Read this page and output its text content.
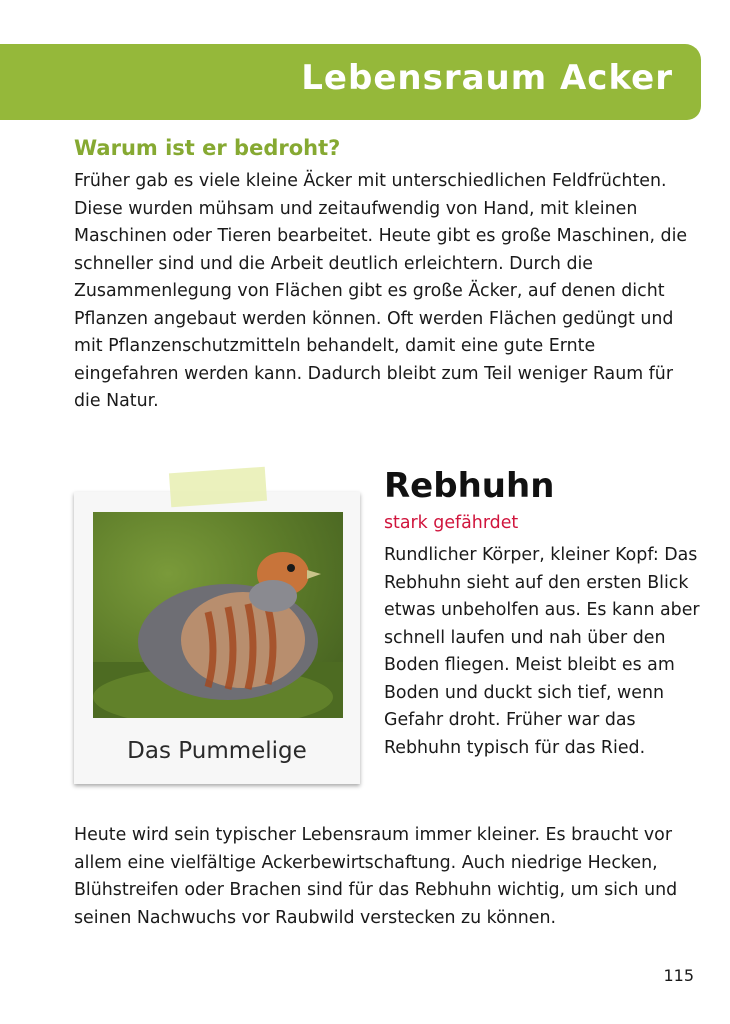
Lebensraum Acker
Warum ist er bedroht?

Früher gab es viele kleine Äcker mit unterschiedlichen Feldfrüchten. Diese wurden mühsam und zeitaufwendig von Hand, mit kleinen Maschinen oder Tieren bearbeitet. Heute gibt es große Maschinen, die schneller sind und die Arbeit deutlich erleichtern. Durch die Zusammenlegung von Flächen gibt es große Äcker, auf denen dicht Pflanzen angebaut werden können. Oft werden Flächen gedüngt und mit Pflanzenschutzmitteln behandelt, damit eine gute Ernte eingefahren werden kann. Dadurch bleibt zum Teil weniger Raum für die Natur.

Das Pummelige
Rebhuhn
stark gefährdet

Rundlicher Körper, kleiner Kopf: Das Rebhuhn sieht auf den ersten Blick etwas unbeholfen aus. Es kann aber schnell laufen und nah über den Boden fliegen. Meist bleibt es am Boden und duckt sich tief, wenn Gefahr droht. Früher war das Rebhuhn typisch für das Ried.

Heute wird sein typischer Lebensraum immer kleiner. Es braucht vor allem eine vielfältige Ackerbewirtschaftung. Auch niedrige Hecken, Blühstreifen oder Brachen sind für das Rebhuhn wichtig, um sich und seinen Nachwuchs vor Raubwild verstecken zu können.

115
